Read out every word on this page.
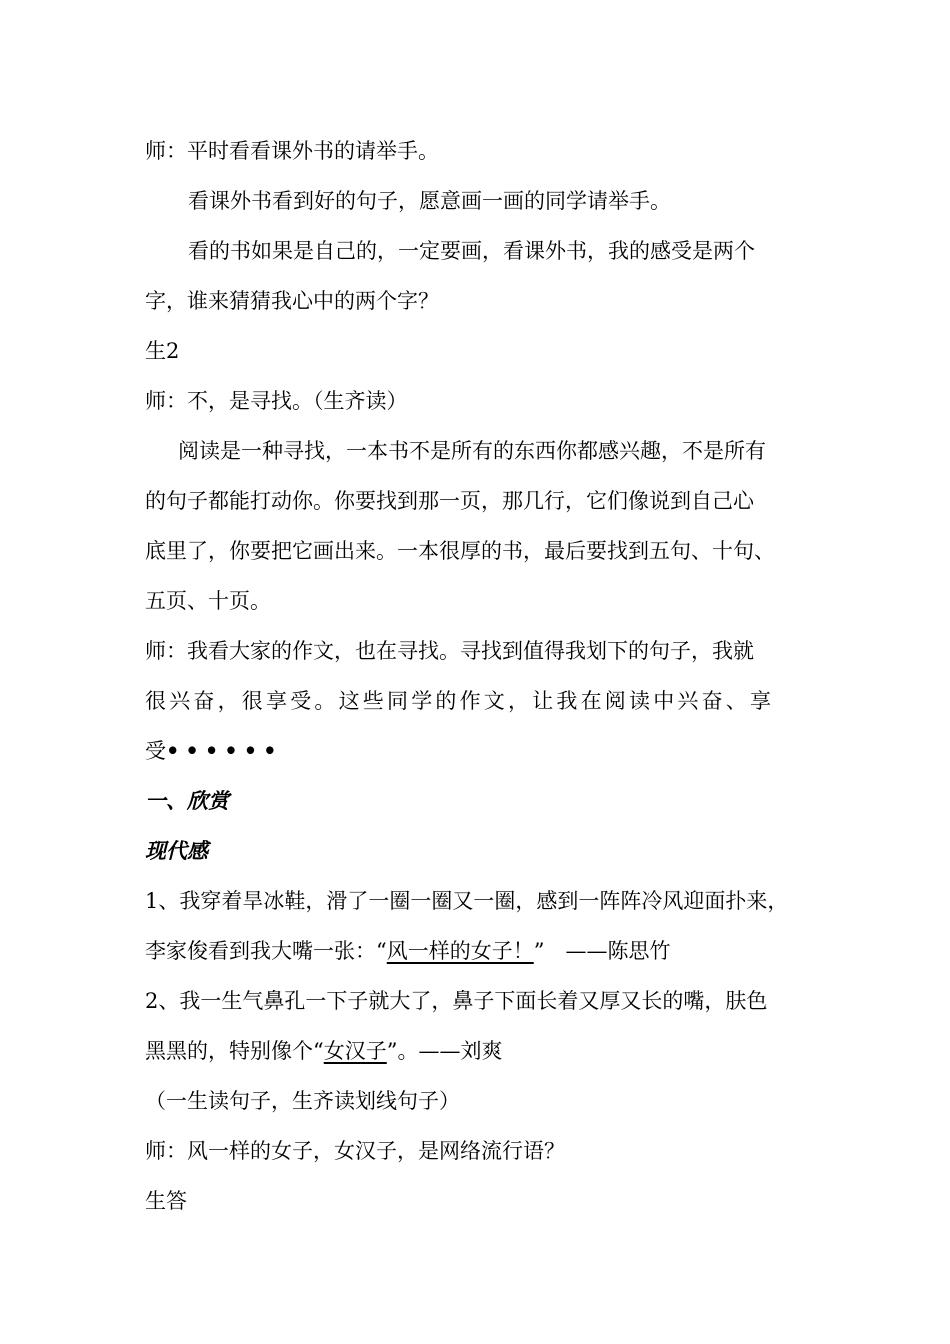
师：平时看看课外书的请举手。
看课外书看到好的句子，愿意画一画的同学请举手。
看的书如果是自己的，一定要画，看课外书，我的感受是两个
字，谁来猜猜我心中的两个字？
生2
师：不，是寻找。（生齐读）
阅读是一种寻找，一本书不是所有的东西你都感兴趣，不是所有
的句子都能打动你。你要找到那一页，那几行，它们像说到自己心
底里了，你要把它画出来。一本很厚的书，最后要找到五句、十句、
五页、十页。
师：我看大家的作文，也在寻找。寻找到值得我划下的句子，我就
很兴奋，很享受。这些同学的作文，让我在阅读中兴奋、享
受••••••
一、欣赏
现代感
1、我穿着旱冰鞋，滑了一圈一圈又一圈，感到一阵阵冷风迎面扑来，
李家俊看到我大嘴一张：“风一样的女子！”　——陈思竹
2、我一生气鼻孔一下子就大了，鼻子下面长着又厚又长的嘴，肤色
黑黑的，特别像个“女汉子”。——刘爽
（一生读句子，生齐读划线句子）
师：风一样的女子，女汉子，是网络流行语？
生答
